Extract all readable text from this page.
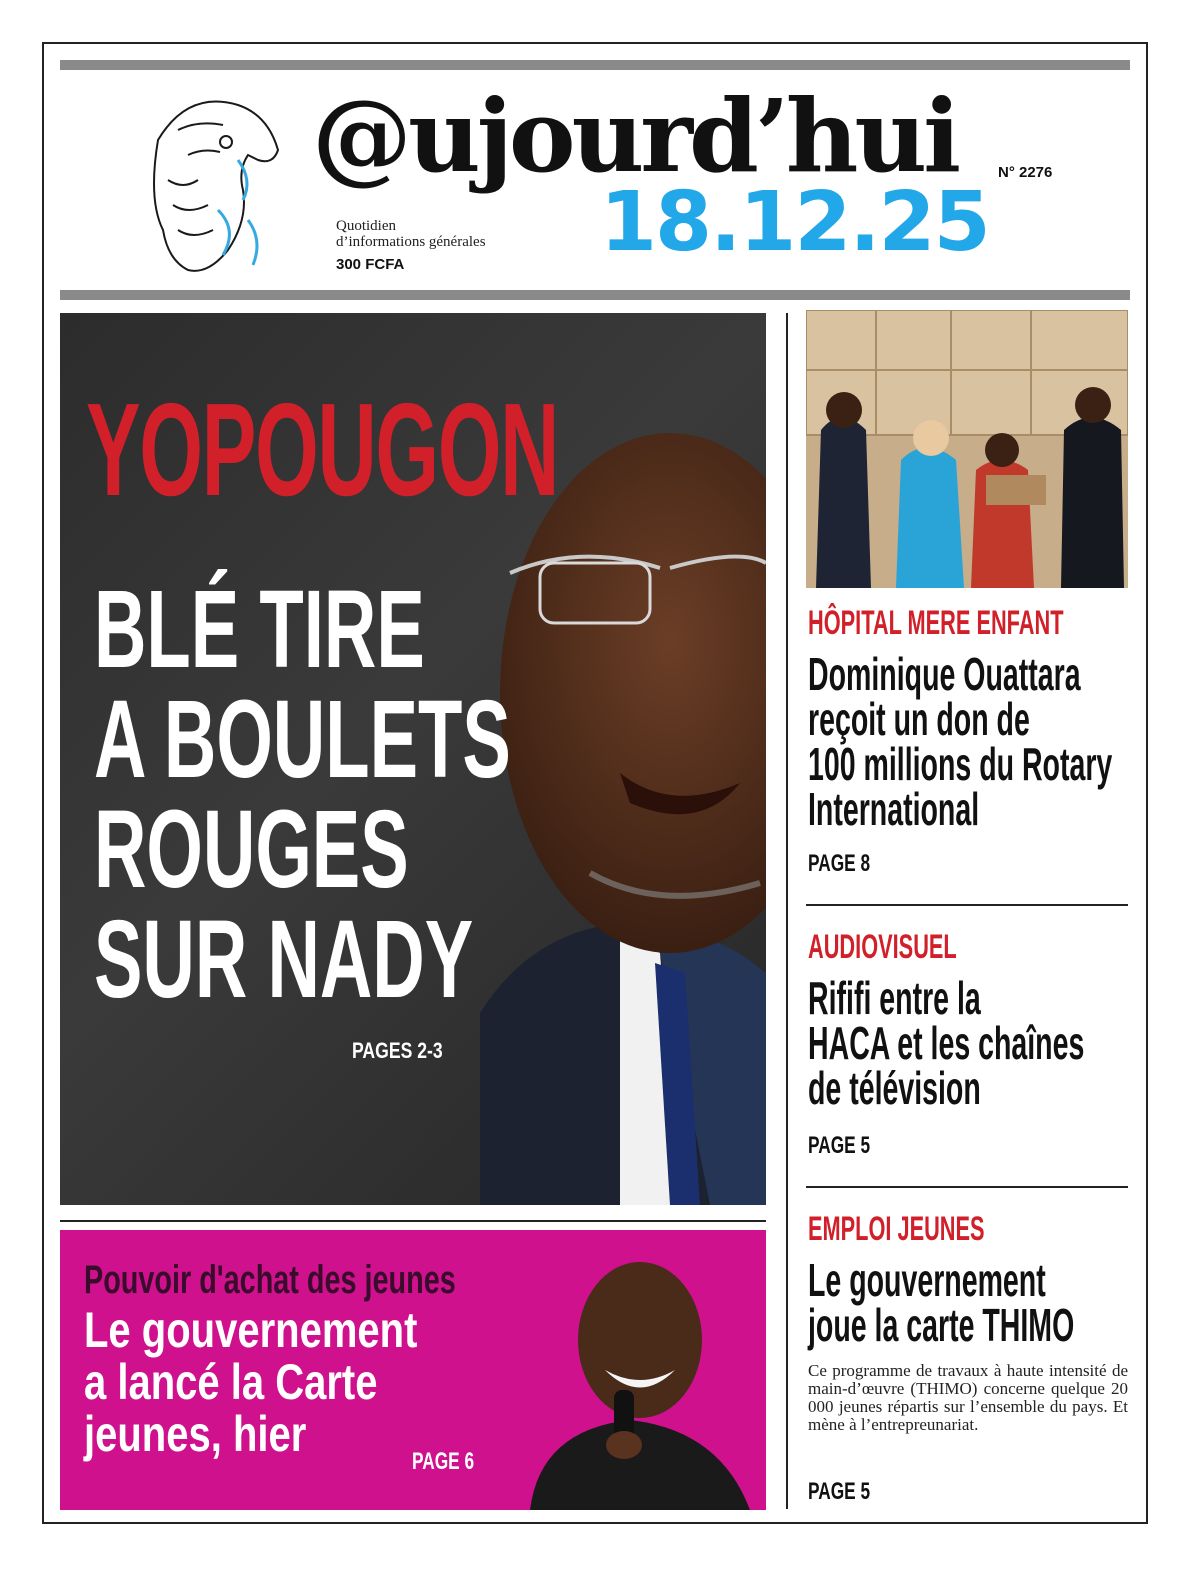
@ujourd’hui	N° 2276
Quotidien
d’informations générales
300 FCFA 18.12.25
YOPOUGON
BLÉ TIRE
A BOULETS
ROUGES
SUR NADY
PAGES 2-3
Pouvoir d'achat des jeunes
Le gouvernement
a lancé la Carte
jeunes, hier	PAGE 6
HÔPITAL MERE ENFANT
Dominique Ouattara
reçoit un don de
100 millions du Rotary
International
PAGE 8
AUDIOVISUEL
Rififi entre la
HACA et les chaînes
de télévision
PAGE 5
EMPLOI JEUNES
Le gouvernement
joue la carte THIMO
Ce programme de travaux à haute intensité de main-d’œuvre (THIMO) concerne quelque 20 000 jeunes répartis sur l’ensemble du pays. Et mène à l’entrepreunariat.
PAGE 5
